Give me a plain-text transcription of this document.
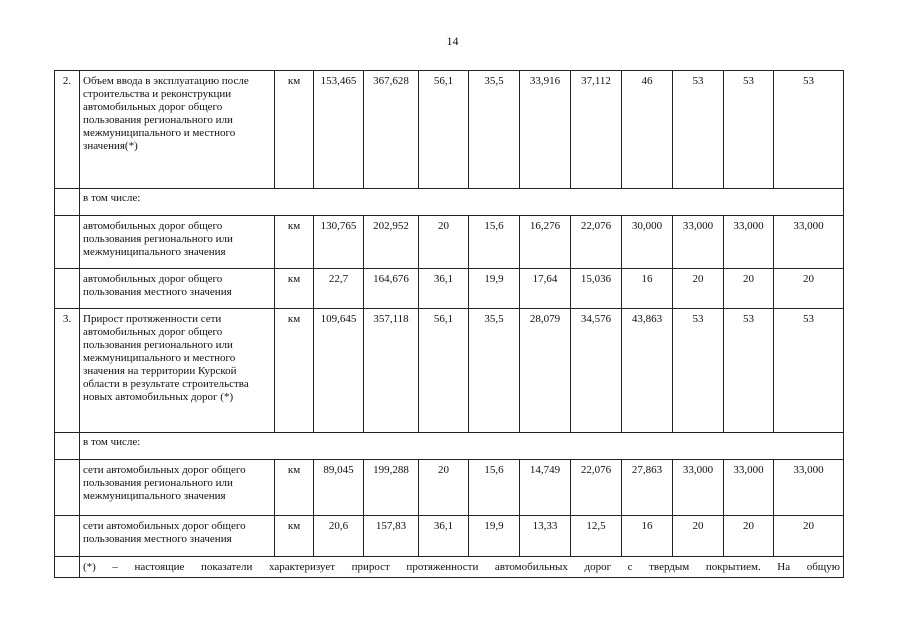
14
2.	Объем ввода в эксплуатацию после строительства и реконструкции автомобильных дорог общего пользования регионального или межмуниципального и местного значения(*)	км	153,465	367,628	56,1	35,5	33,916	37,112	46	53	53	53
	в том числе:											
	автомобильных дорог общего пользования регионального или межмуниципального значения	км	130,765	202,952	20	15,6	16,276	22,076	30,000	33,000	33,000	33,000
	автомобильных дорог общего пользования местного значения	км	22,7	164,676	36,1	19,9	17,64	15,036	16	20	20	20
3.	Прирост протяженности сети автомобильных дорог общего пользования регионального или межмуниципального и местного значения на территории Курской области в результате строительства новых автомобильных дорог (*)	км	109,645	357,118	56,1	35,5	28,079	34,576	43,863	53	53	53
	в том числе:											
	сети автомобильных дорог общего пользования регионального или межмуниципального значения	км	89,045	199,288	20	15,6	14,749	22,076	27,863	33,000	33,000	33,000
	сети автомобильных дорог общего пользования местного значения	км	20,6	157,83	36,1	19,9	13,33	12,5	16	20	20	20
	(*) – настоящие показатели характеризует прирост протяженности автомобильных дорог с твердым покрытием. На общую											
